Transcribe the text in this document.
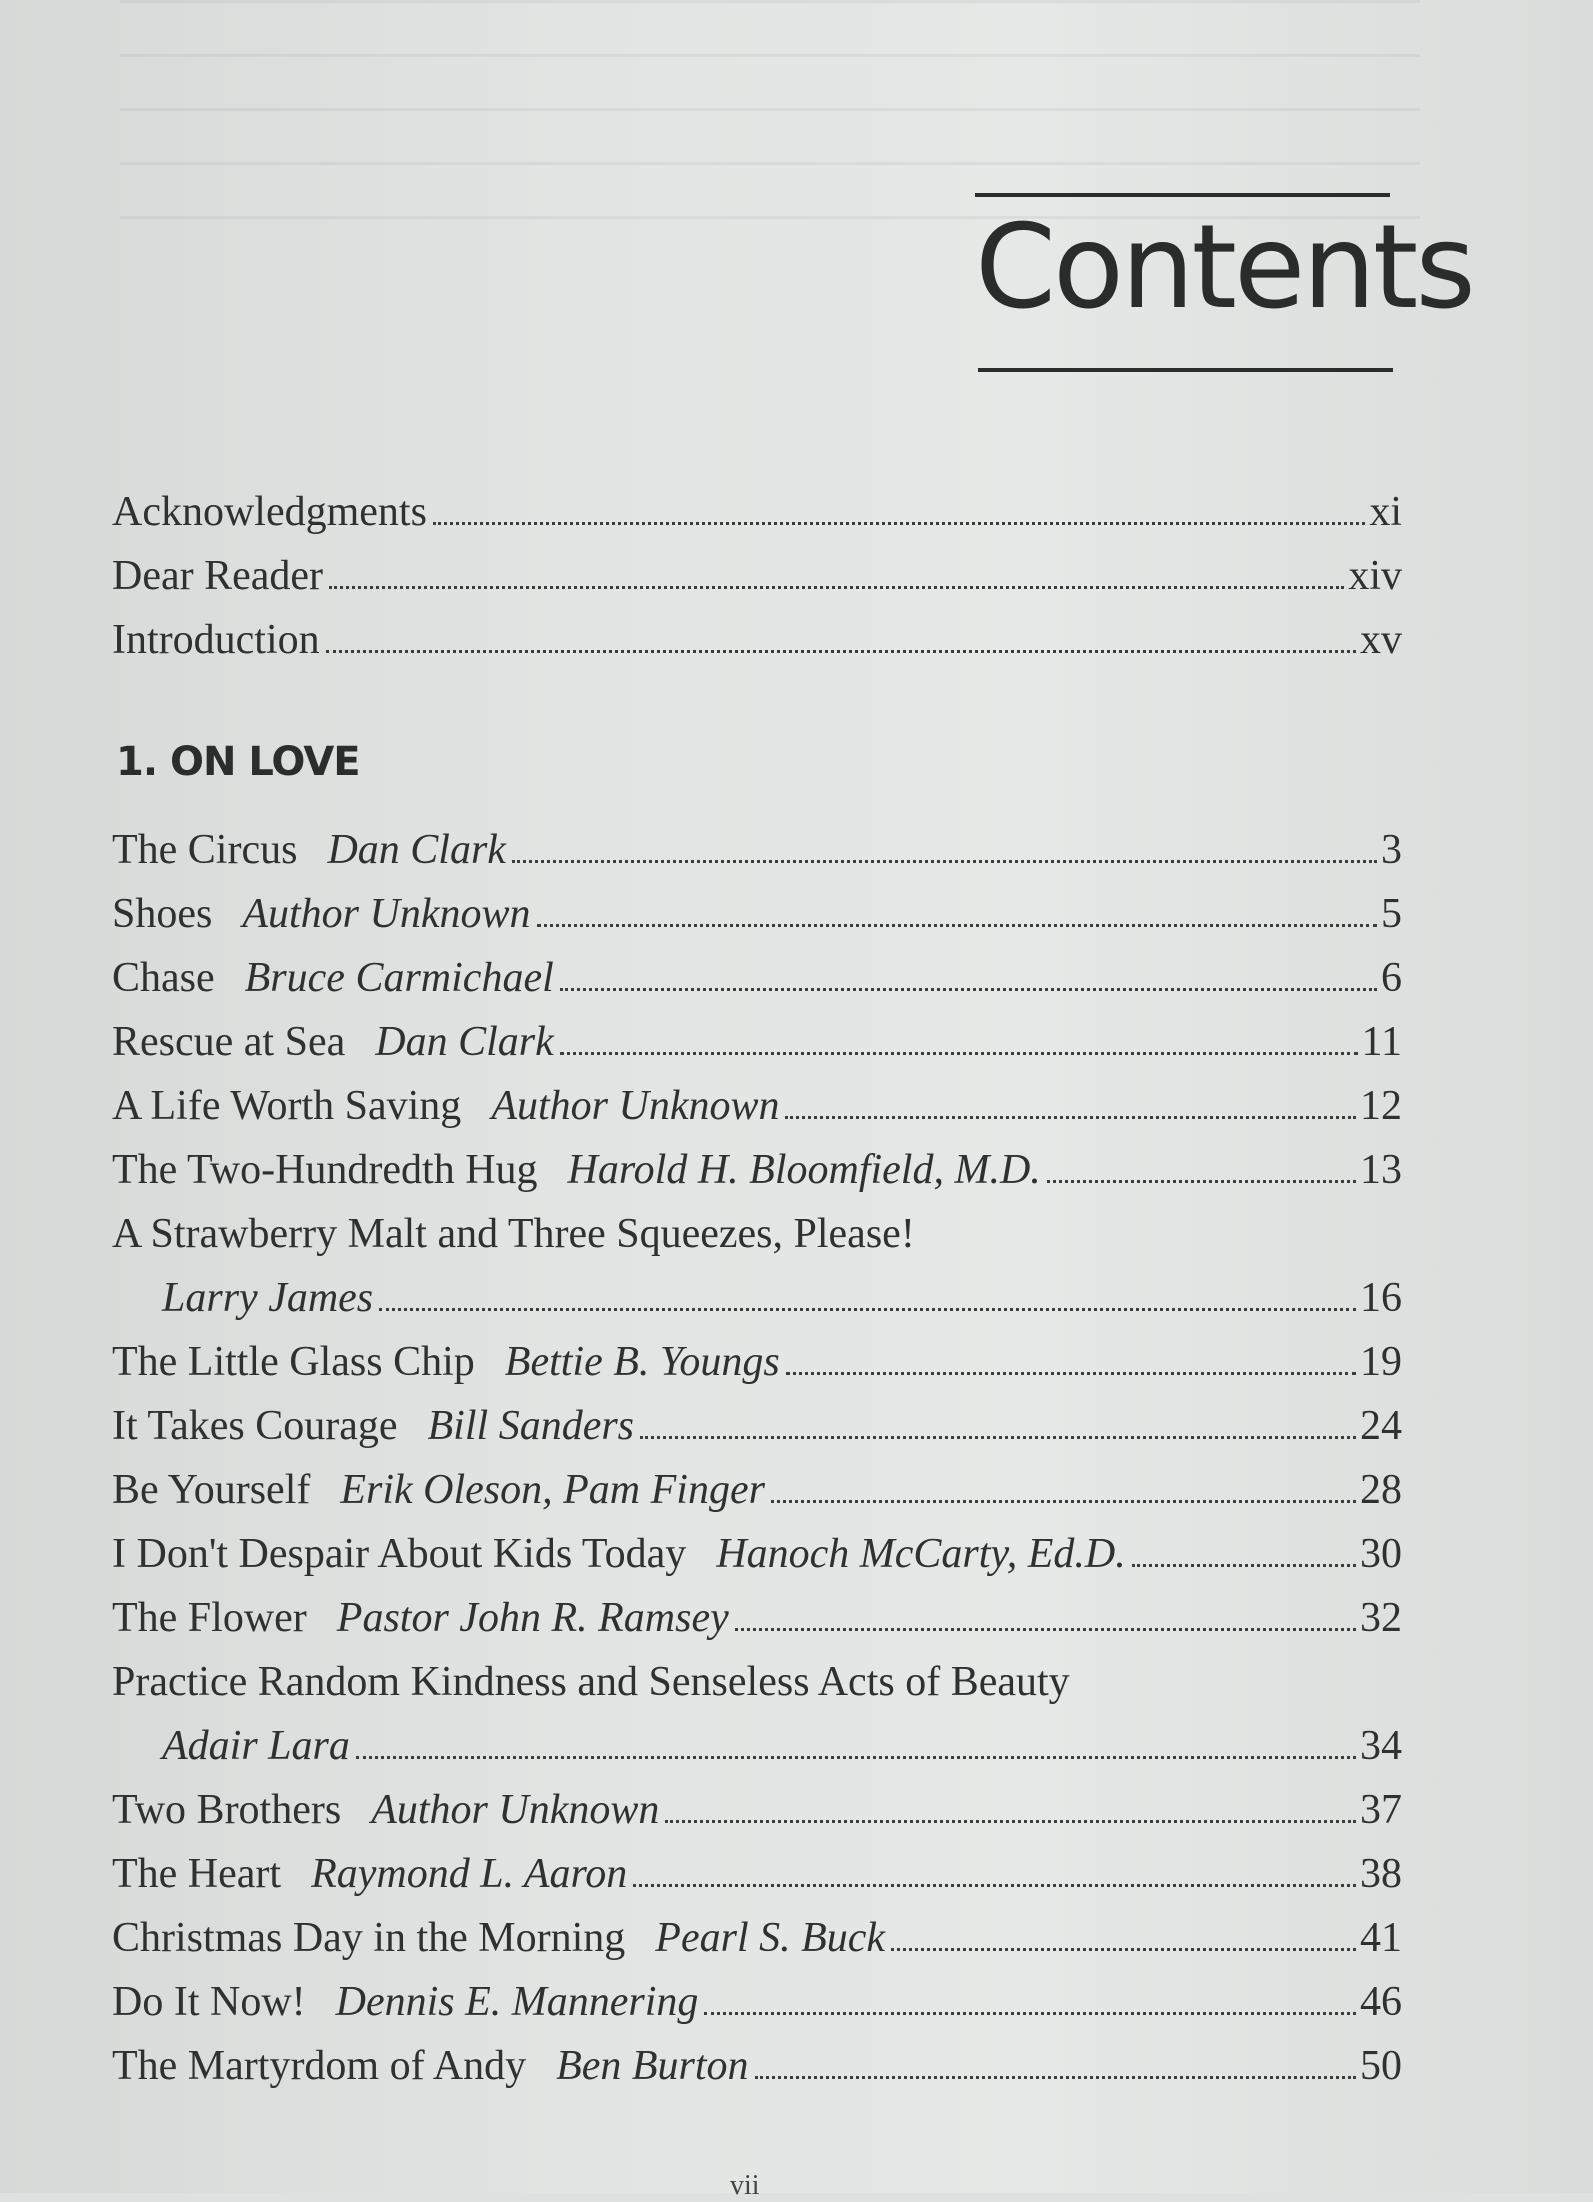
Contents
Acknowledgments	xi
Dear Reader	xiv
Introduction	xv
1. ON LOVE
The Circus Dan Clark	3
Shoes Author Unknown	5
Chase Bruce Carmichael	6
Rescue at Sea Dan Clark	11
A Life Worth Saving Author Unknown	12
The Two-Hundredth Hug Harold H. Bloomfield, M.D.	13
A Strawberry Malt and Three Squeezes, Please!
Larry James	16
The Little Glass Chip Bettie B. Youngs	19
It Takes Courage Bill Sanders	24
Be Yourself Erik Oleson, Pam Finger	28
I Don't Despair About Kids Today Hanoch McCarty, Ed.D.	30
The Flower Pastor John R. Ramsey	32
Practice Random Kindness and Senseless Acts of Beauty
Adair Lara	34
Two Brothers Author Unknown	37
The Heart Raymond L. Aaron	38
Christmas Day in the Morning Pearl S. Buck	41
Do It Now! Dennis E. Mannering	46
The Martyrdom of Andy Ben Burton	50
vii
